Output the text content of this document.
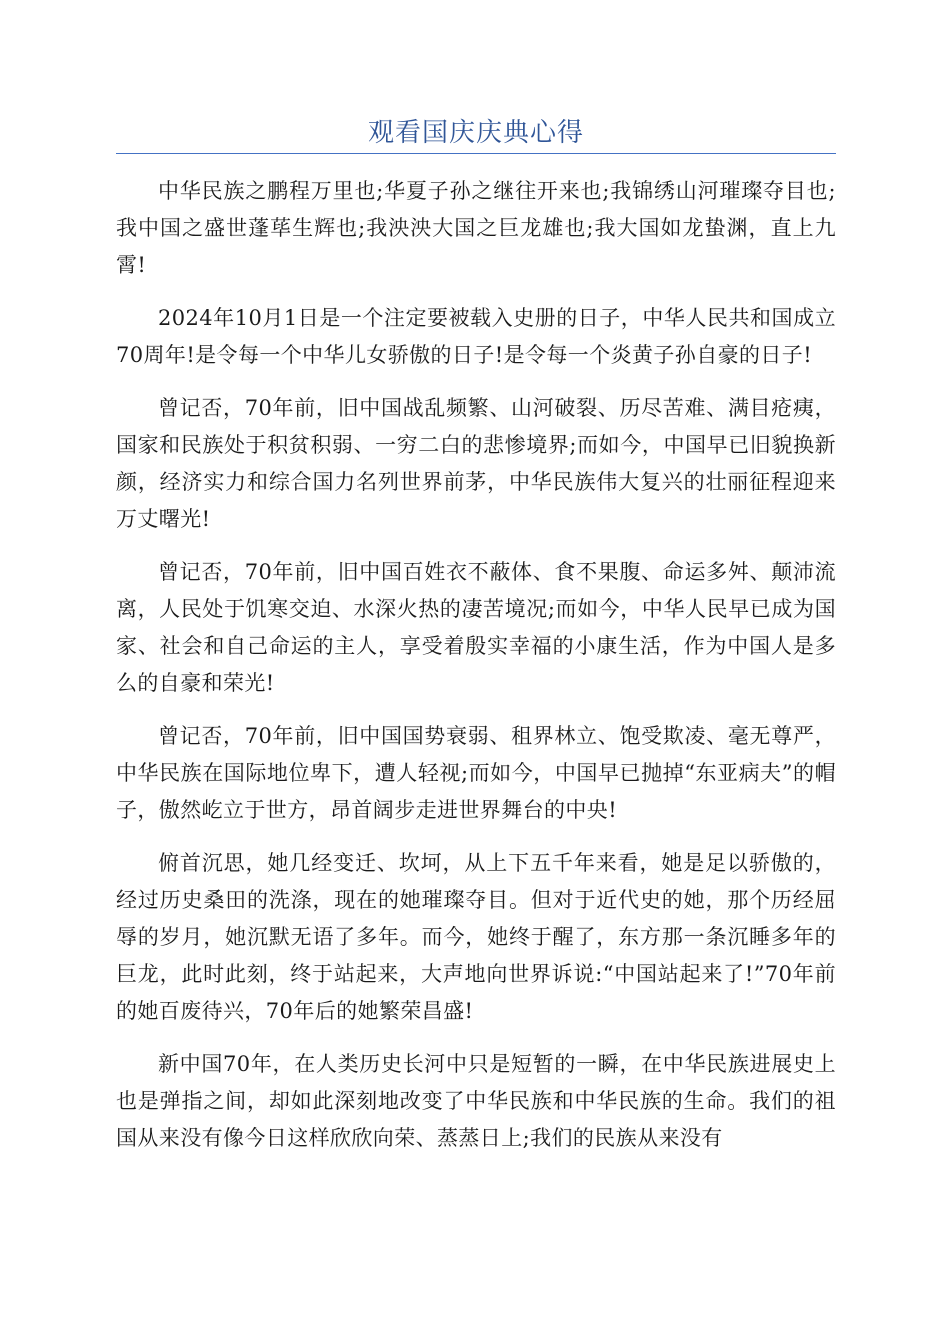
观看国庆庆典心得

中华民族之鹏程万里也;华夏子孙之继往开来也;我锦绣山河璀璨夺目也;我中国之盛世蓬荜生辉也;我泱泱大国之巨龙雄也;我大国如龙蛰渊，直上九霄!

2024年10月1日是一个注定要被载入史册的日子，中华人民共和国成立70周年!是令每一个中华儿女骄傲的日子!是令每一个炎黄子孙自豪的日子!

曾记否，70年前，旧中国战乱频繁、山河破裂、历尽苦难、满目疮痍，国家和民族处于积贫积弱、一穷二白的悲惨境界;而如今，中国早已旧貌换新颜，经济实力和综合国力名列世界前茅，中华民族伟大复兴的壮丽征程迎来万丈曙光!

曾记否，70年前，旧中国百姓衣不蔽体、食不果腹、命运多舛、颠沛流离，人民处于饥寒交迫、水深火热的凄苦境况;而如今，中华人民早已成为国家、社会和自己命运的主人，享受着殷实幸福的小康生活，作为中国人是多么的自豪和荣光!

曾记否，70年前，旧中国国势衰弱、租界林立、饱受欺凌、毫无尊严，中华民族在国际地位卑下，遭人轻视;而如今，中国早已抛掉“东亚病夫”的帽子，傲然屹立于世方，昂首阔步走进世界舞台的中央!

俯首沉思，她几经变迁、坎坷，从上下五千年来看，她是足以骄傲的，经过历史桑田的洗涤，现在的她璀璨夺目。但对于近代史的她，那个历经屈辱的岁月，她沉默无语了多年。而今，她终于醒了，东方那一条沉睡多年的巨龙，此时此刻，终于站起来，大声地向世界诉说:“中国站起来了!”70年前的她百废待兴，70年后的她繁荣昌盛!

新中国70年，在人类历史长河中只是短暂的一瞬，在中华民族进展史上也是弹指之间，却如此深刻地改变了中华民族和中华民族的生命。我们的祖国从来没有像今日这样欣欣向荣、蒸蒸日上;我们的民族从来没有
